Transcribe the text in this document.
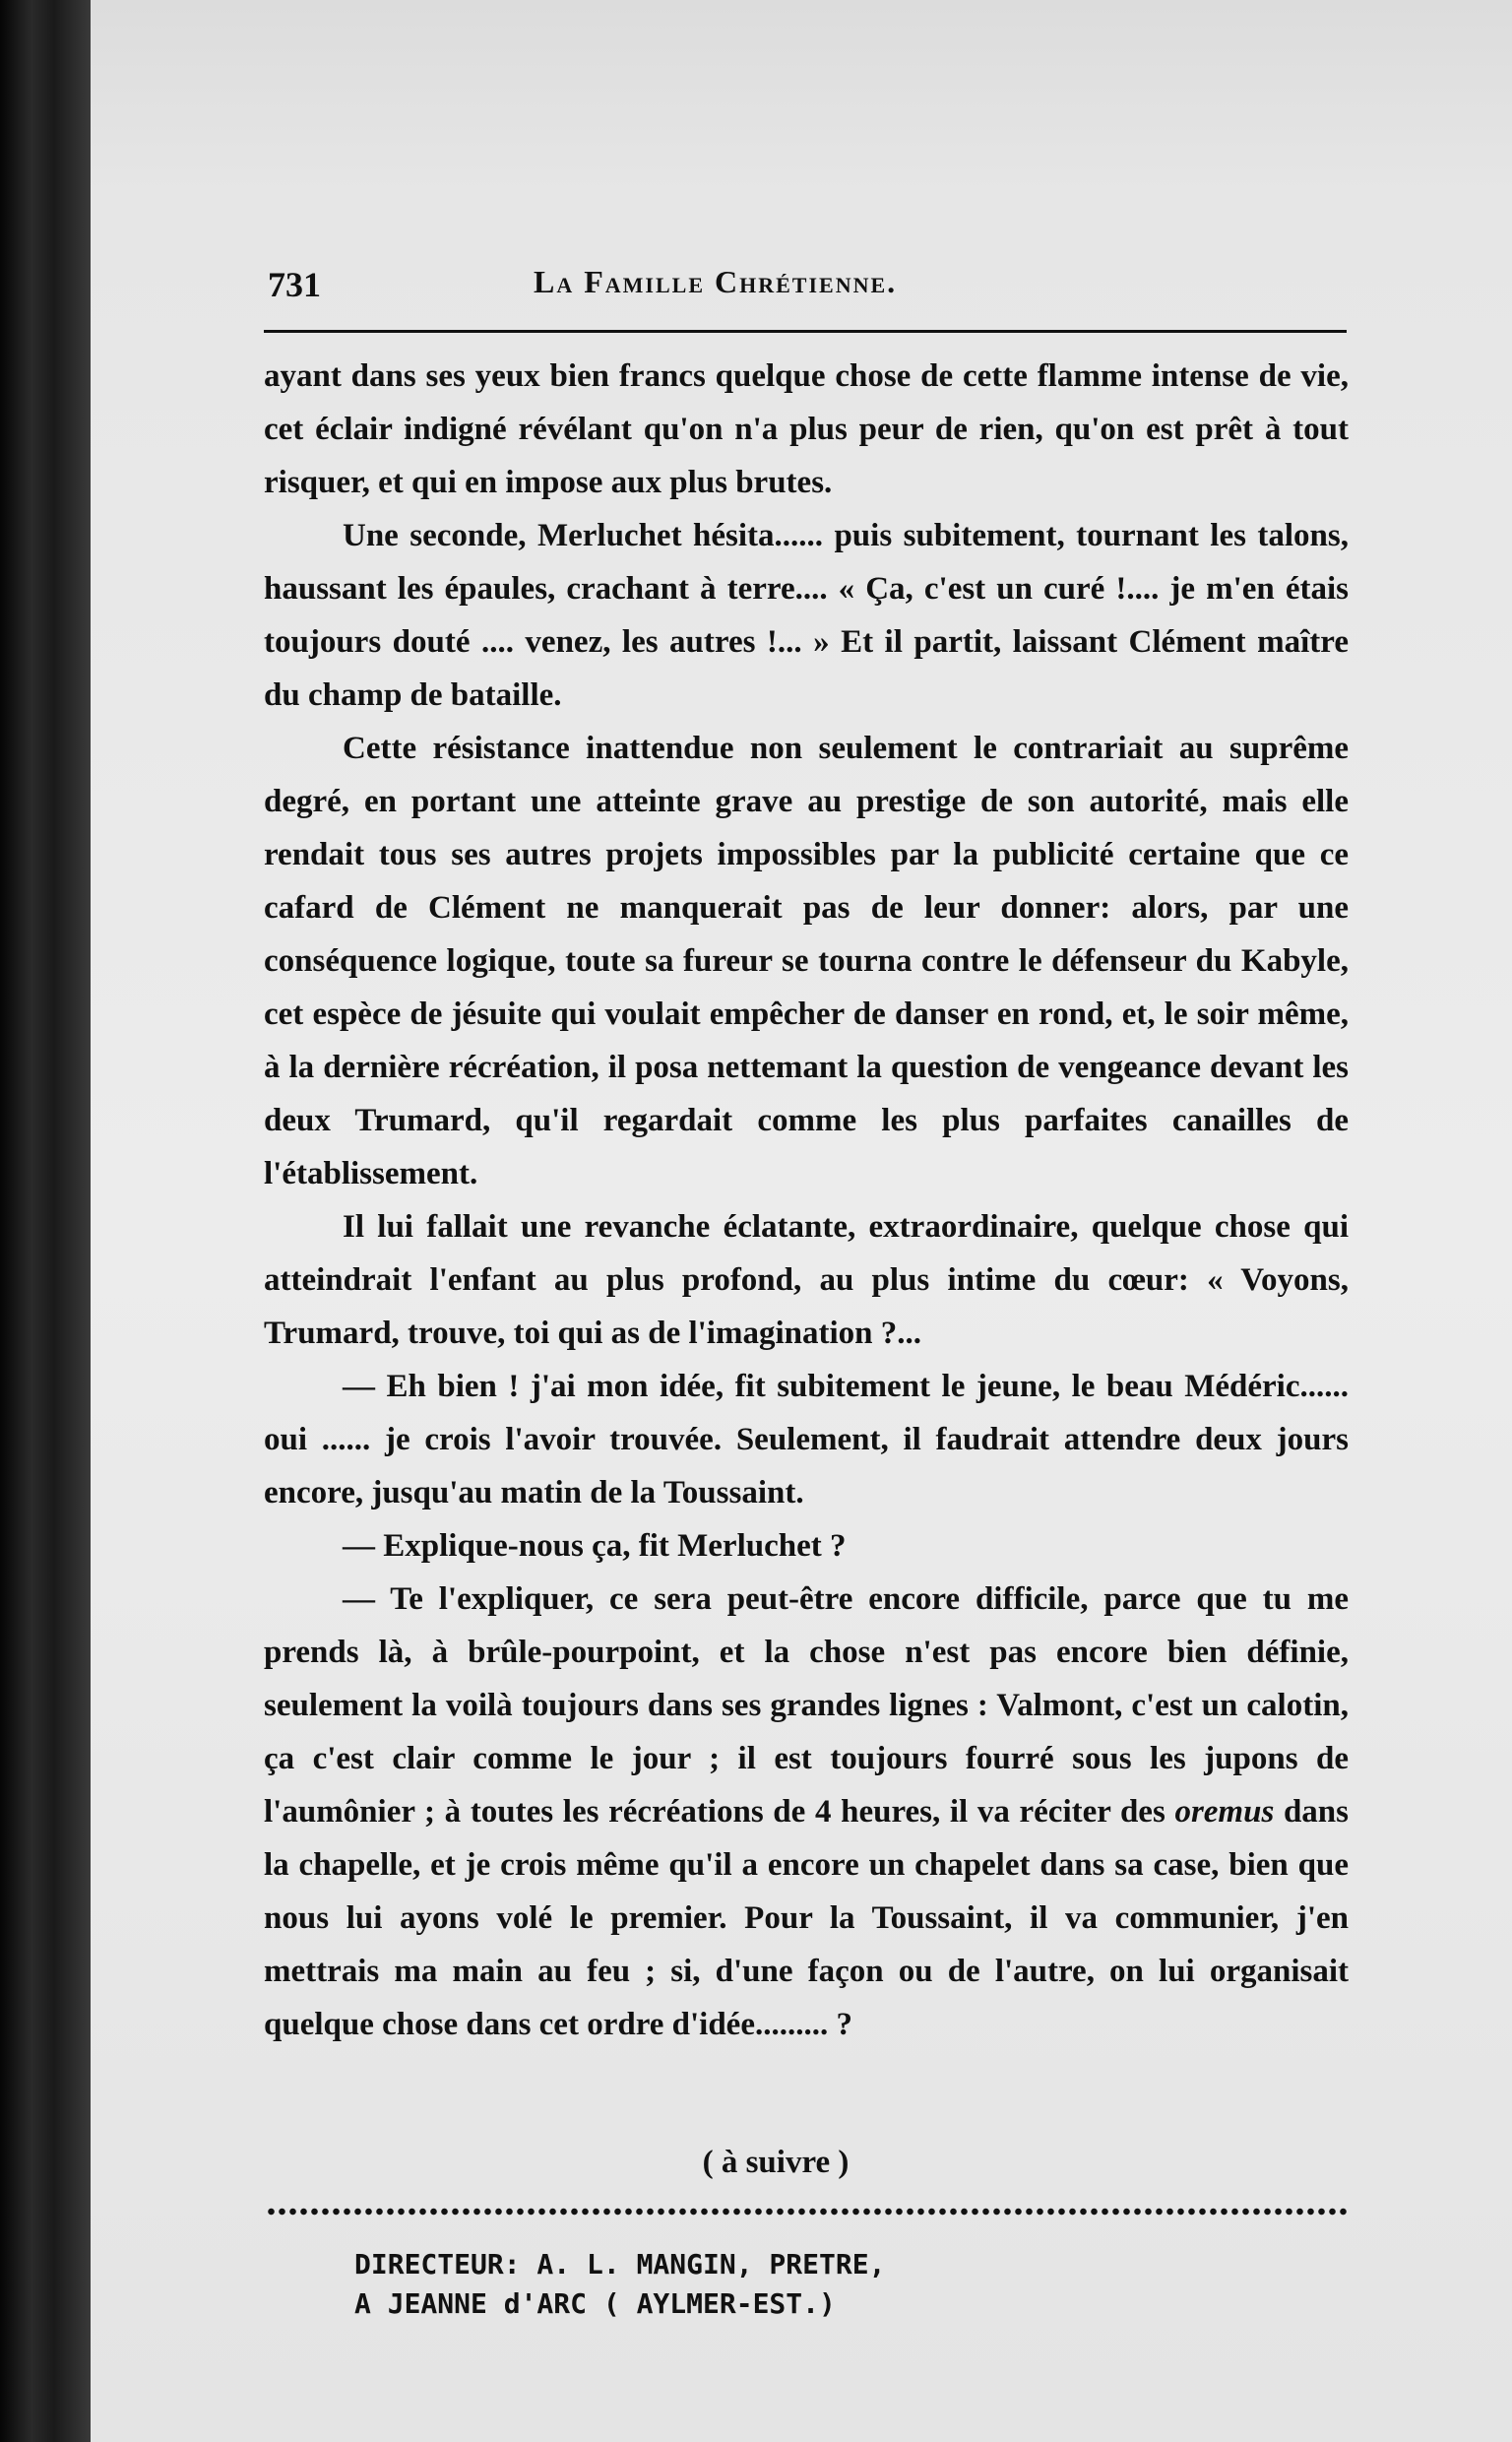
731	La Famille Chrétienne.

ayant dans ses yeux bien francs quelque chose de cette flamme intense de vie, cet éclair indigné révélant qu'on n'a plus peur de rien, qu'on est prêt à tout risquer, et qui en impose aux plus brutes.

Une seconde, Merluchet hésita...... puis subitement, tournant les talons, haussant les épaules, crachant à terre.... « Ça, c'est un curé !.... je m'en étais toujours douté .... venez, les autres !... » Et il partit, laissant Clément maître du champ de bataille.

Cette résistance inattendue non seulement le contrariait au suprême degré, en portant une atteinte grave au prestige de son autorité, mais elle rendait tous ses autres projets impossibles par la publicité certaine que ce cafard de Clément ne manquerait pas de leur donner: alors, par une conséquence logique, toute sa fureur se tourna contre le défenseur du Kabyle, cet espèce de jésuite qui voulait empêcher de danser en rond, et, le soir même, à la dernière récréation, il posa nettemant la question de vengeance devant les deux Trumard, qu'il regardait comme les plus parfaites canailles de l'établissement.

Il lui fallait une revanche éclatante, extraordinaire, quelque chose qui atteindrait l'enfant au plus profond, au plus intime du cœur: « Voyons, Trumard, trouve, toi qui as de l'imagination ?...

— Eh bien ! j'ai mon idée, fit subitement le jeune, le beau Médéric...... oui ...... je crois l'avoir trouvée. Seulement, il faudrait attendre deux jours encore, jusqu'au matin de la Toussaint.

— Explique-nous ça, fit Merluchet ?

— Te l'expliquer, ce sera peut-être encore difficile, parce que tu me prends là, à brûle-pourpoint, et la chose n'est pas encore bien définie, seulement la voilà toujours dans ses grandes lignes : Valmont, c'est un calotin, ça c'est clair comme le jour ; il est toujours fourré sous les jupons de l'aumônier ; à toutes les récréations de 4 heures, il va réciter des oremus dans la chapelle, et je crois même qu'il a encore un chapelet dans sa case, bien que nous lui ayons volé le premier. Pour la Toussaint, il va communier, j'en mettrais ma main au feu ; si, d'une façon ou de l'autre, on lui organisait quelque chose dans cet ordre d'idée......... ?

( à suivre )
DIRECTEUR: A. L. MANGIN, PRETRE,
A JEANNE d'ARC ( AYLMER-EST.)
